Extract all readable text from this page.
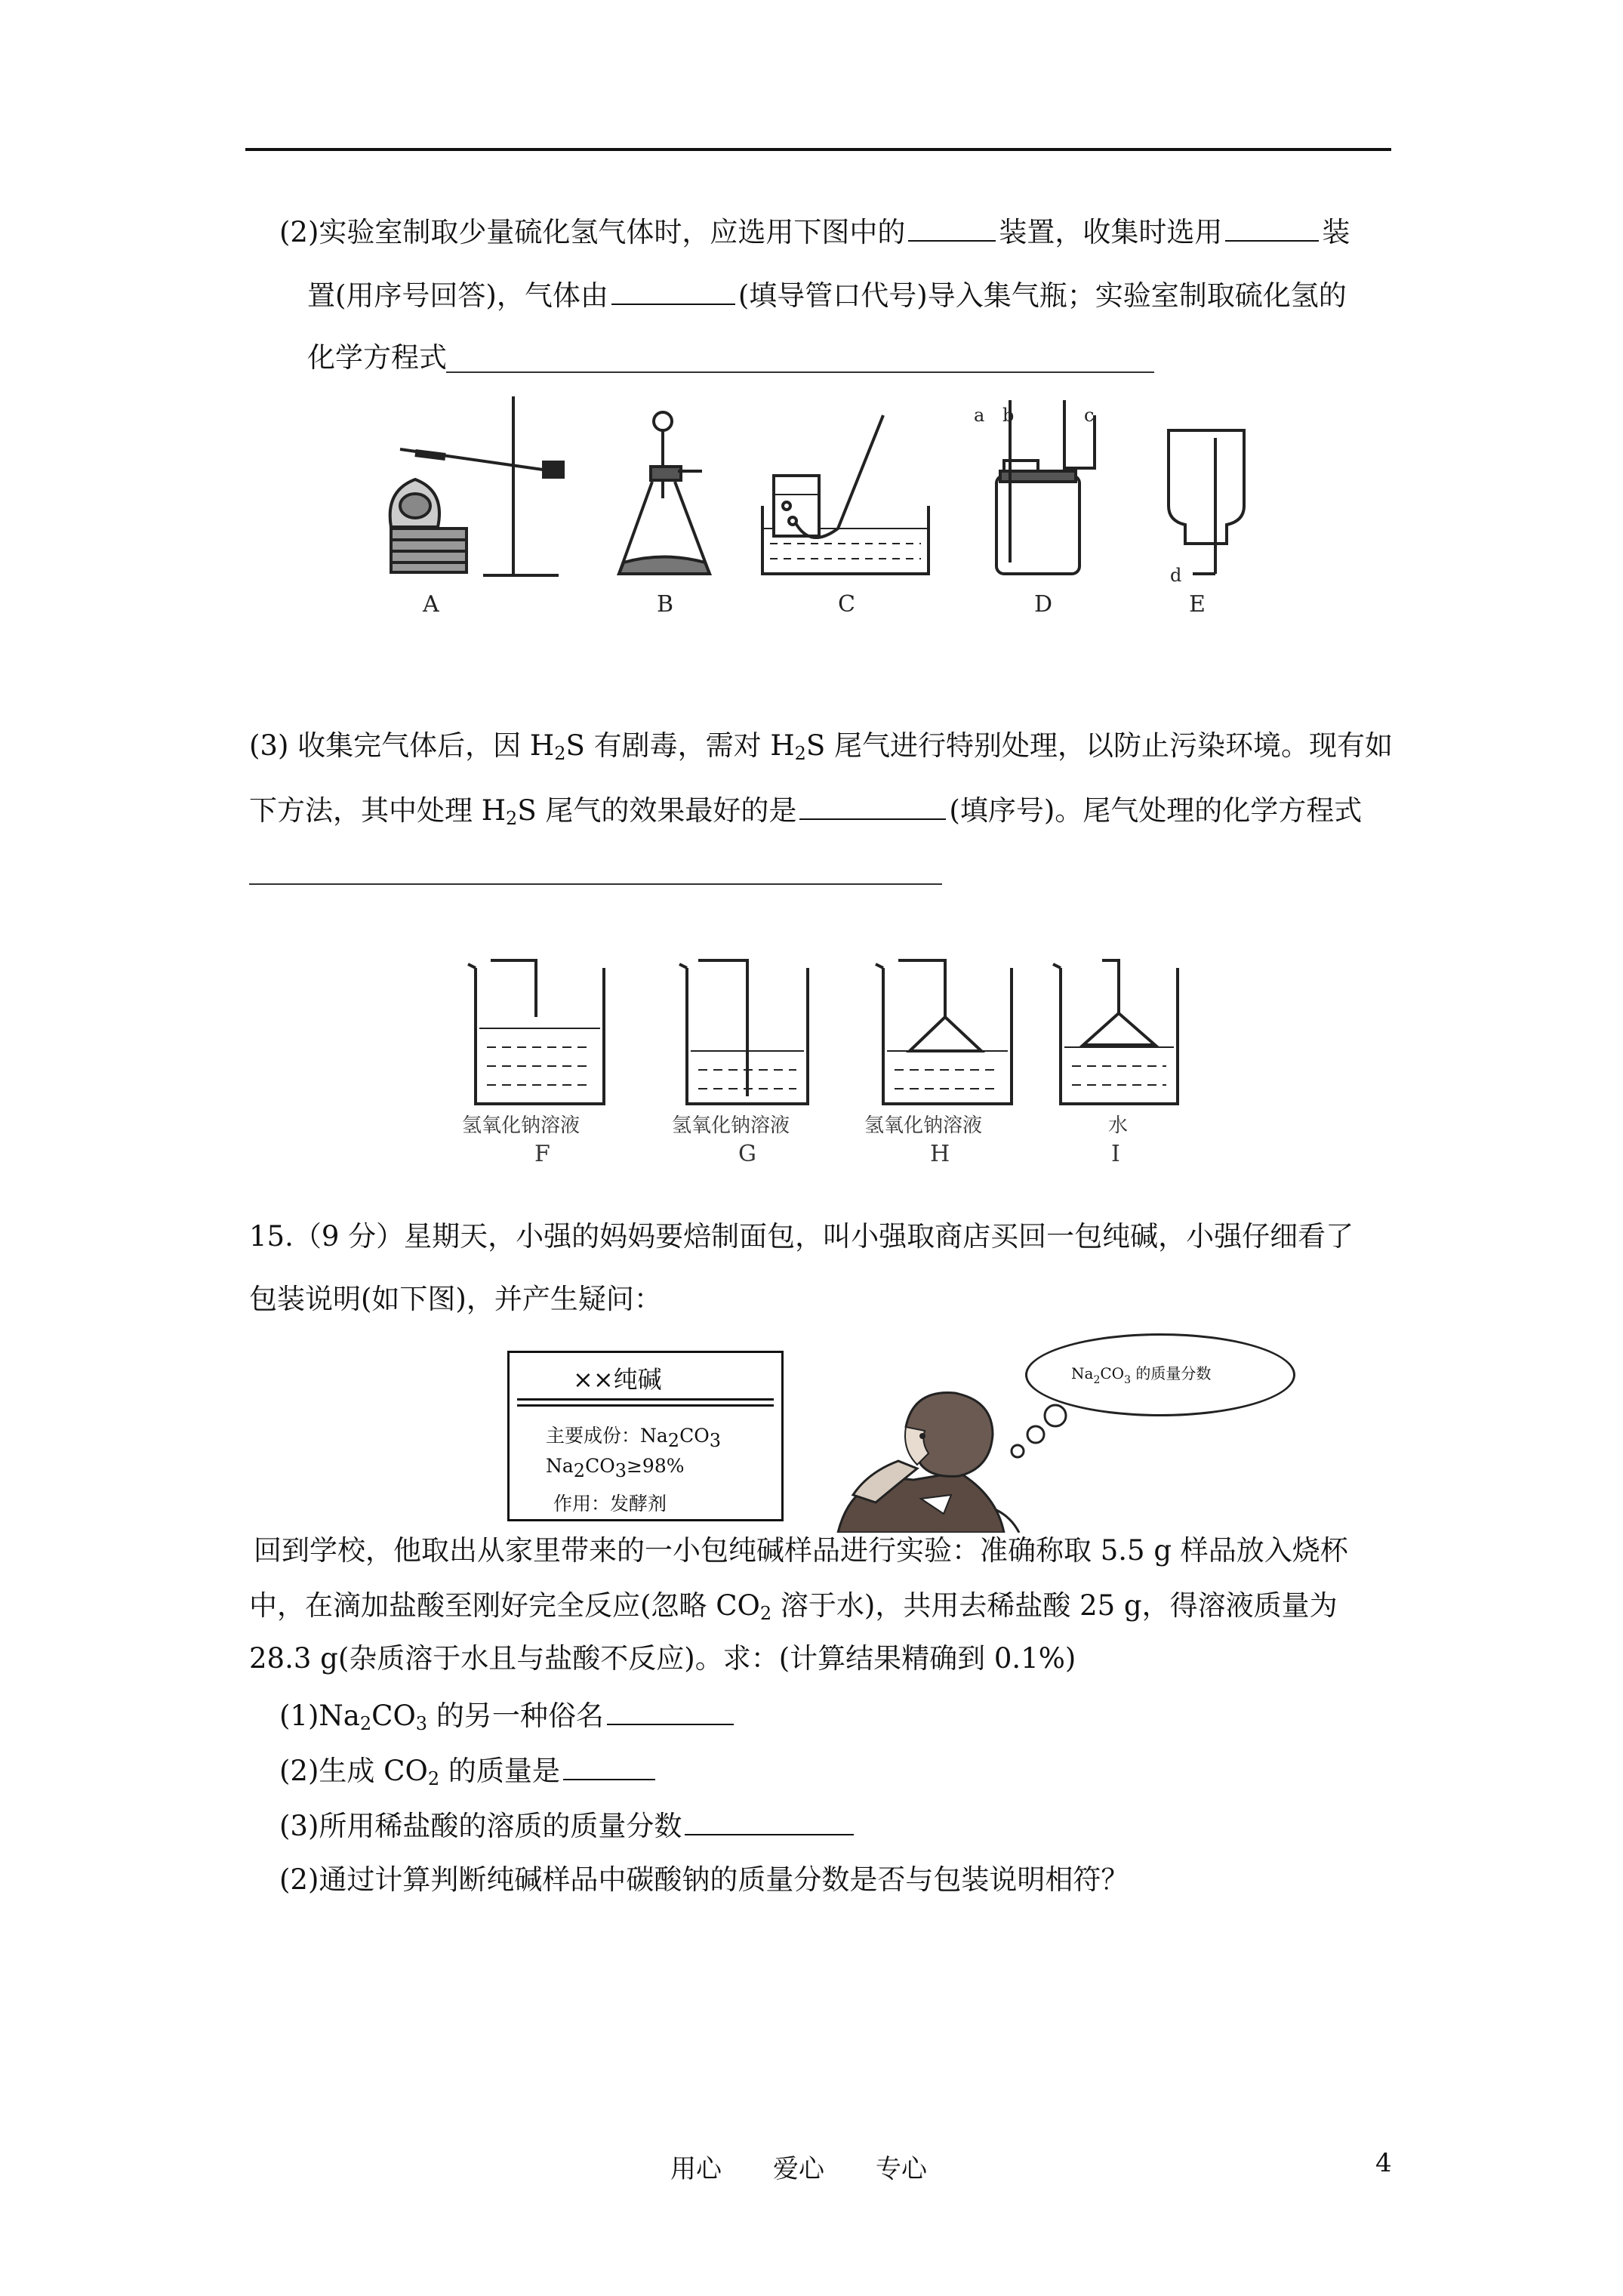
(2)实验室制取少量硫化氢气体时，应选用下图中的	装置，收集时选用	装
置(用序号回答)，气体由	(填导管口代号)导入集气瓶；实验室制取硫化氢的
化学方程式
A	B	C	D	E
a b	c
d
(3) 收集完气体后，因 $H_2S$ 有剧毒，需对 $H_2S$ 尾气进行特别处理，以防止污染环境。现有如
下方法，其中处理 $H_2S$ 尾气的效果最好的是	(填序号)。尾气处理的化学方程式
氢氧化钠溶液	氢氧化钠溶液	氢氧化钠溶液	水
F	G	H	I
15.（9 分）星期天，小强的妈妈要焙制面包，叫小强取商店买回一包纯碱，小强仔细看了
包装说明(如下图)，并产生疑问：
××纯碱
主要成份：$Na_2CO_3$
$Na_2CO_3\ge 98\%$
作用：发酵剂
$Na_2CO_3$ 的质量分数
回到学校，他取出从家里带来的一小包纯碱样品进行实验：准确称取 5.5 g 样品放入烧杯
中，在滴加盐酸至刚好完全反应(忽略 $CO_2$ 溶于水)，共用去稀盐酸 25 g，得溶液质量为
28.3 g(杂质溶于水且与盐酸不反应)。求：(计算结果精确到 0.1%)
$(1)Na_2CO_3$ 的另一种俗名
(2)生成 $CO_2$ 的质量是
(3)所用稀盐酸的溶质的质量分数
(2)通过计算判断纯碱样品中碳酸钠的质量分数是否与包装说明相符？
用心　　爱心　　专心	4
